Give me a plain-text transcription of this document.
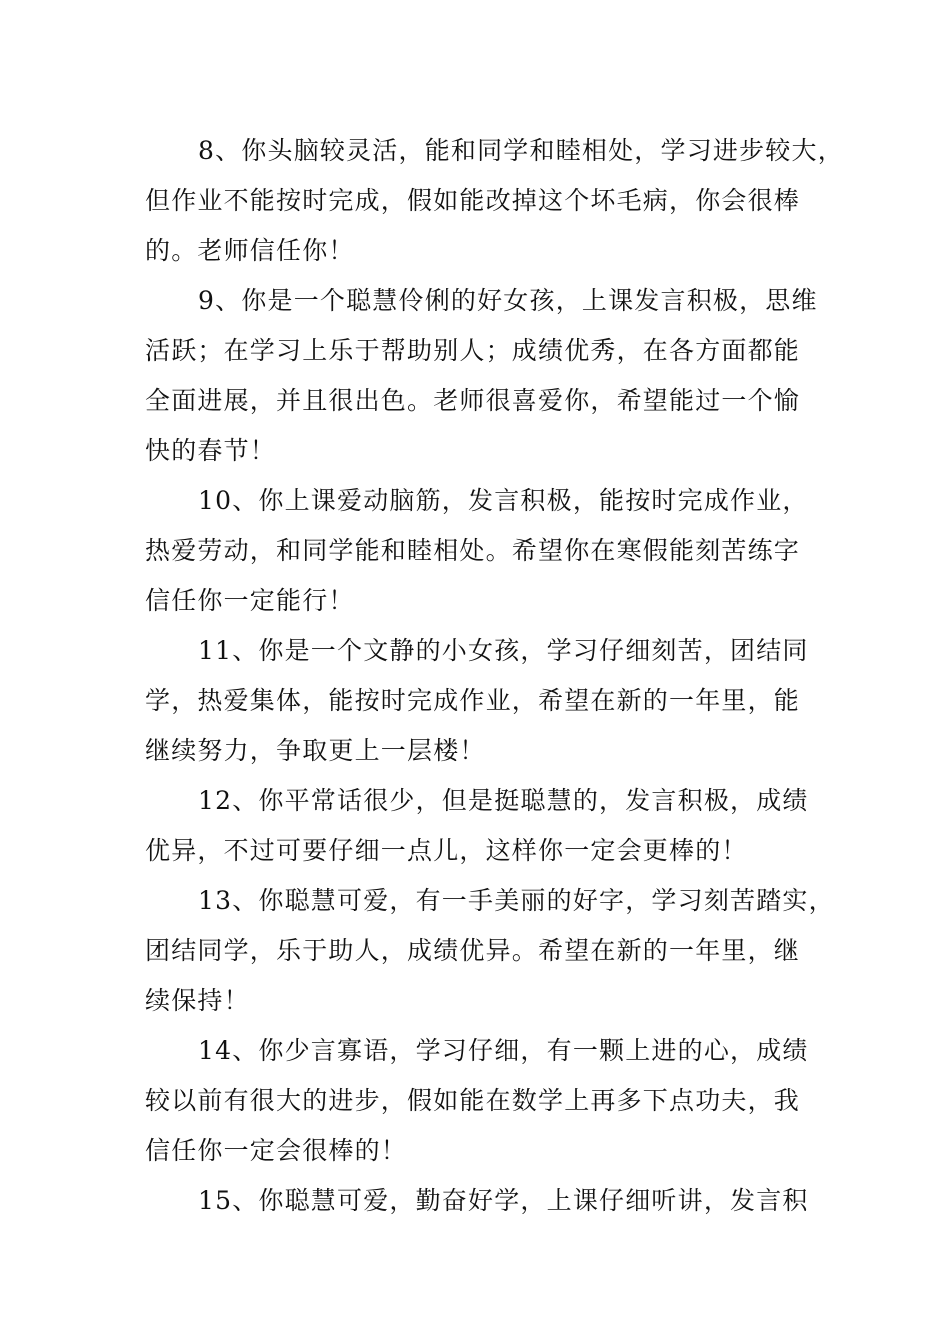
8、你头脑较灵活，能和同学和睦相处，学习进步较大，
但作业不能按时完成，假如能改掉这个坏毛病，你会很棒
的。老师信任你！

9、你是一个聪慧伶俐的好女孩，上课发言积极，思维
活跃；在学习上乐于帮助别人；成绩优秀，在各方面都能
全面进展，并且很出色。老师很喜爱你，希望能过一个愉
快的春节！

10、你上课爱动脑筋，发言积极，能按时完成作业，
热爱劳动，和同学能和睦相处。希望你在寒假能刻苦练字
信任你一定能行！

11、你是一个文静的小女孩，学习仔细刻苦，团结同
学，热爱集体，能按时完成作业，希望在新的一年里，能
继续努力，争取更上一层楼！

12、你平常话很少，但是挺聪慧的，发言积极，成绩
优异，不过可要仔细一点儿，这样你一定会更棒的！

13、你聪慧可爱，有一手美丽的好字，学习刻苦踏实，
团结同学，乐于助人，成绩优异。希望在新的一年里，继
续保持！

14、你少言寡语，学习仔细，有一颗上进的心，成绩
较以前有很大的进步，假如能在数学上再多下点功夫，我
信任你一定会很棒的！

15、你聪慧可爱，勤奋好学，上课仔细听讲，发言积
